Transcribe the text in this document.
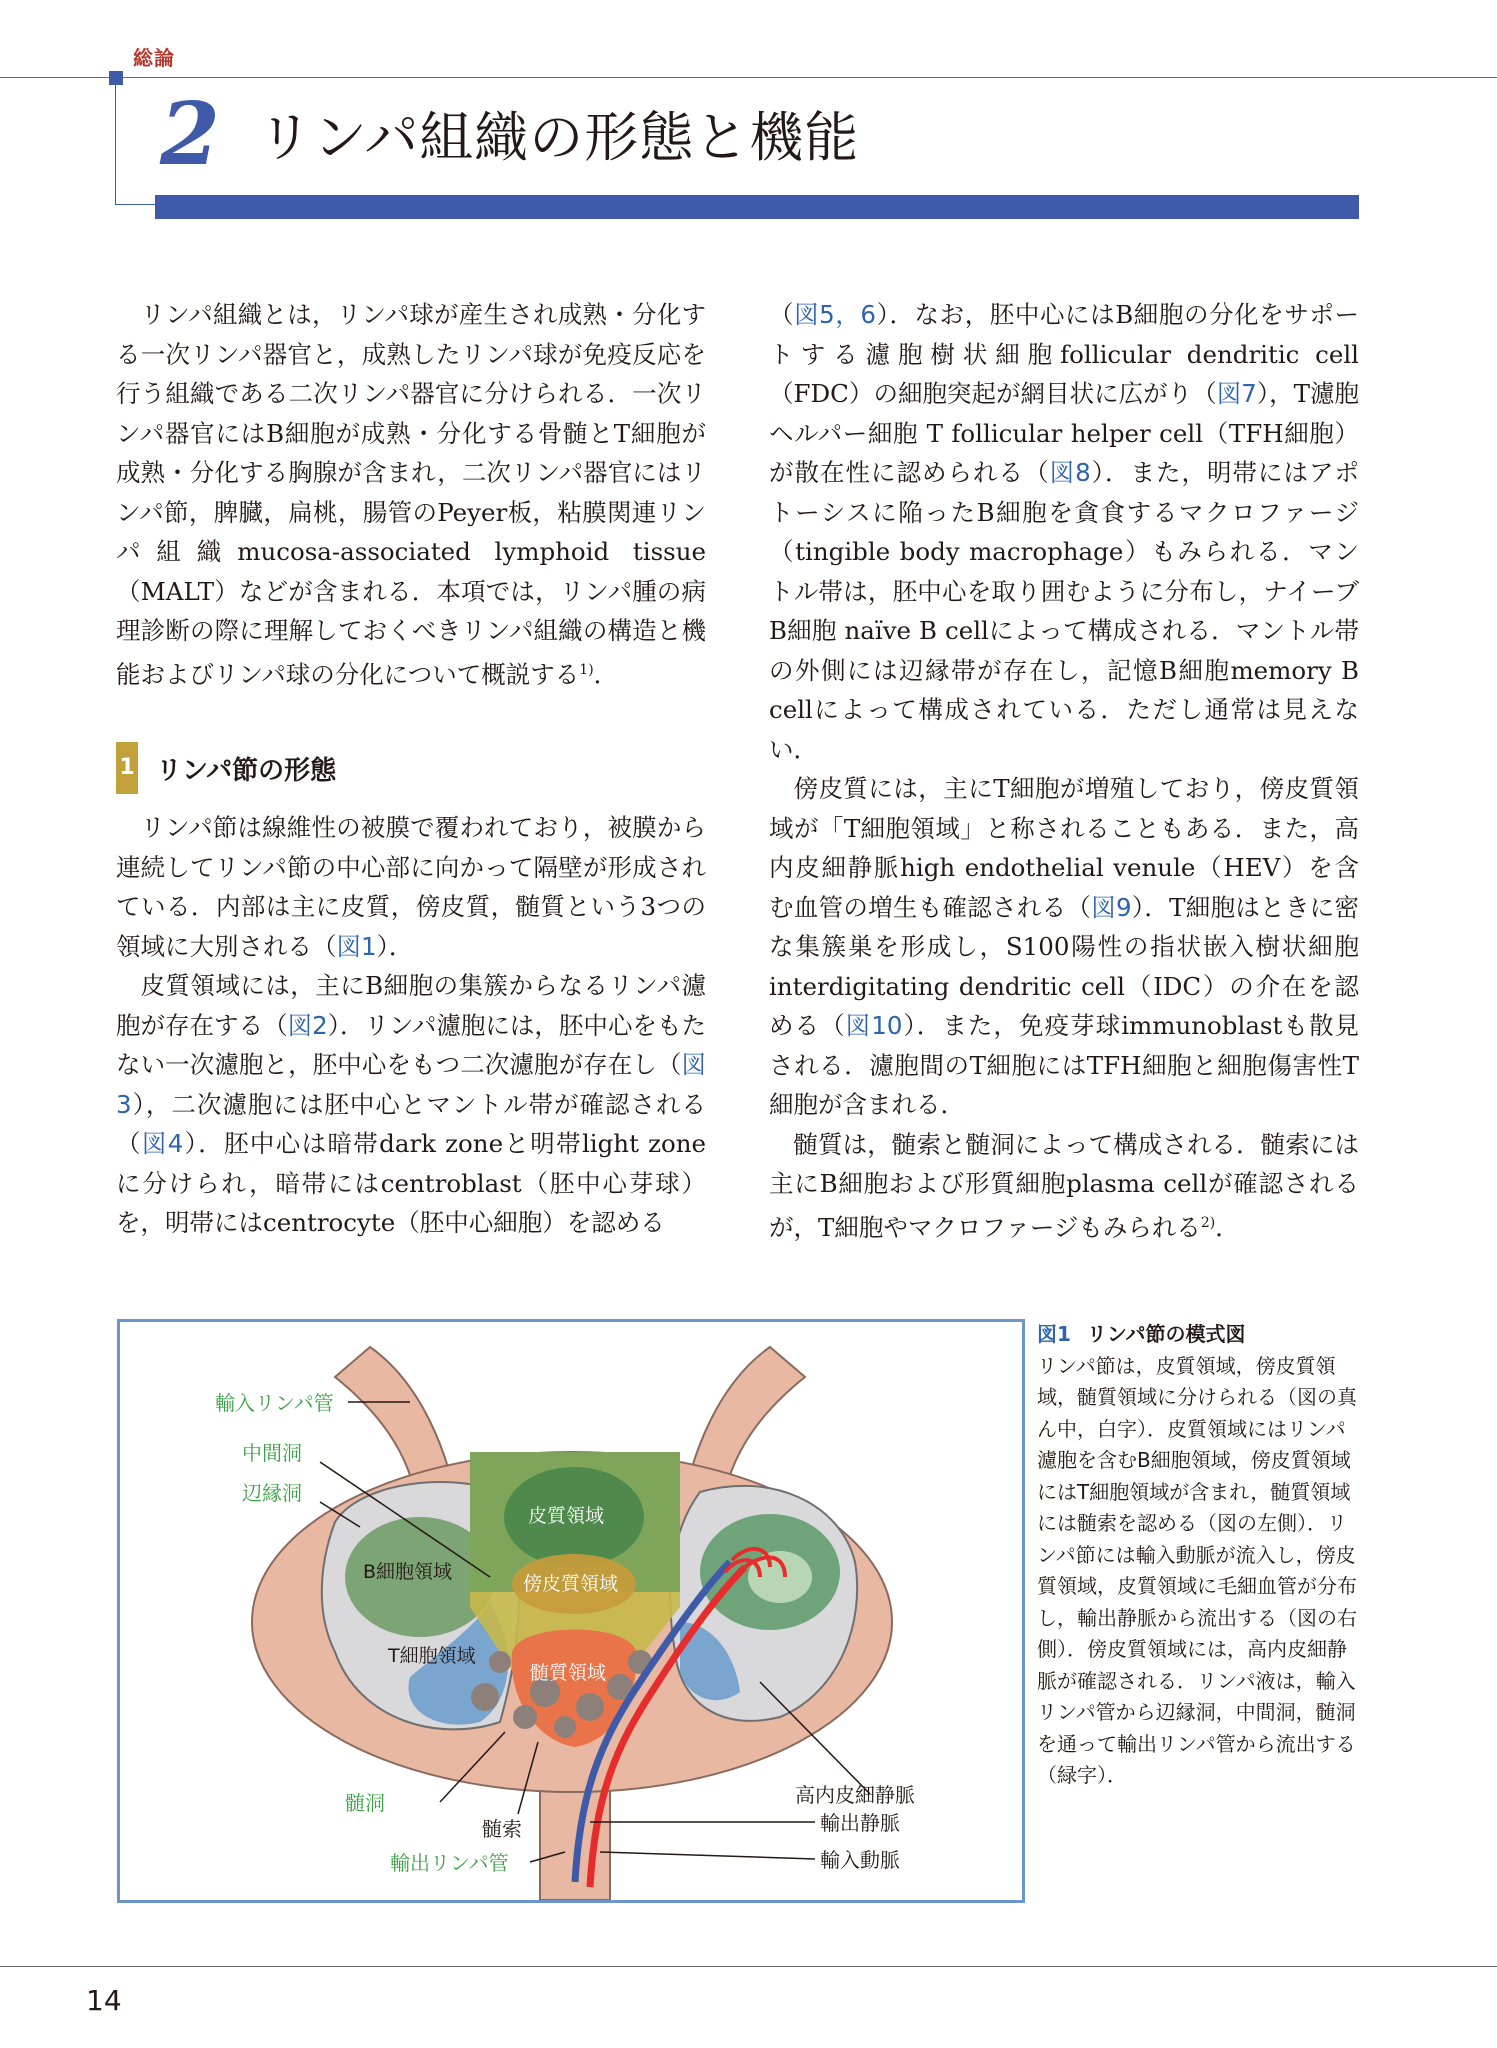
総論
2 リンパ組織の形態と機能

リンパ組織とは，リンパ球が産生され成熟・分化する一次リンパ器官と，成熟したリンパ球が免疫反応を行う組織である二次リンパ器官に分けられる．一次リンパ器官にはB細胞が成熟・分化する骨髄とT細胞が成熟・分化する胸腺が含まれ，二次リンパ器官にはリンパ節，脾臓，扁桃，腸管のPeyer板，粘膜関連リンパ組織mucosa-associated lymphoid tissue（MALT）などが含まれる．本項では，リンパ腫の病理診断の際に理解しておくべきリンパ組織の構造と機能およびリンパ球の分化について概説する$^{1)}$．

1 リンパ節の形態

リンパ節は線維性の被膜で覆われており，被膜から連続してリンパ節の中心部に向かって隔壁が形成されている．内部は主に皮質，傍皮質，髄質という3つの領域に大別される（図1）．

皮質領域には，主にB細胞の集簇からなるリンパ濾胞が存在する（図2）．リンパ濾胞には，胚中心をもたない一次濾胞と，胚中心をもつ二次濾胞が存在し（図3），二次濾胞には胚中心とマントル帯が確認される（図4）．胚中心は暗帯dark zoneと明帯light zoneに分けられ，暗帯にはcentroblast（胚中心芽球）を，明帯にはcentrocyte（胚中心細胞）を認める

（図5，6）．なお，胚中心にはB細胞の分化をサポートする濾胞樹状細胞follicular dendritic cell（FDC）の細胞突起が網目状に広がり（図7），T濾胞ヘルパー細胞 T follicular helper cell（TFH細胞）が散在性に認められる（図8）．また，明帯にはアポトーシスに陥ったB細胞を貪食するマクロファージ（tingible body macrophage）もみられる．マントル帯は，胚中心を取り囲むように分布し，ナイーブB細胞 naïve B cellによって構成される．マントル帯の外側には辺縁帯が存在し，記憶B細胞memory B cellによって構成されている．ただし通常は見えない．

傍皮質には，主にT細胞が増殖しており，傍皮質領域が「T細胞領域」と称されることもある．また，高内皮細静脈high endothelial venule（HEV）を含む血管の増生も確認される（図9）．T細胞はときに密な集簇巣を形成し，S100陽性の指状嵌入樹状細胞interdigitating dendritic cell（IDC）の介在を認める（図10）．また，免疫芽球immunoblastも散見される．濾胞間のT細胞にはTFH細胞と細胞傷害性T細胞が含まれる．

髄質は，髄索と髄洞によって構成される．髄索には主にB細胞および形質細胞plasma cellが確認されるが，T細胞やマクロファージもみられる$^{2)}$．

輸入リンパ管
中間洞
辺縁洞
皮質領域
傍皮質領域
髄質領域
B細胞領域
T細胞領域
髄洞
髄索
輸出リンパ管
高内皮細静脈
輸出静脈
輸入動脈
図1 リンパ節の模式図
リンパ節は，皮質領域，傍皮質領域，髄質領域に分けられる（図の真ん中，白字）．皮質領域にはリンパ濾胞を含むB細胞領域，傍皮質領域にはT細胞領域が含まれ，髄質領域には髄索を認める（図の左側）．リンパ節には輸入動脈が流入し，傍皮質領域，皮質領域に毛細血管が分布し，輸出静脈から流出する（図の右側）．傍皮質領域には，高内皮細静脈が確認される．リンパ液は，輸入リンパ管から辺縁洞，中間洞，髄洞を通って輸出リンパ管から流出する（緑字）．
14
